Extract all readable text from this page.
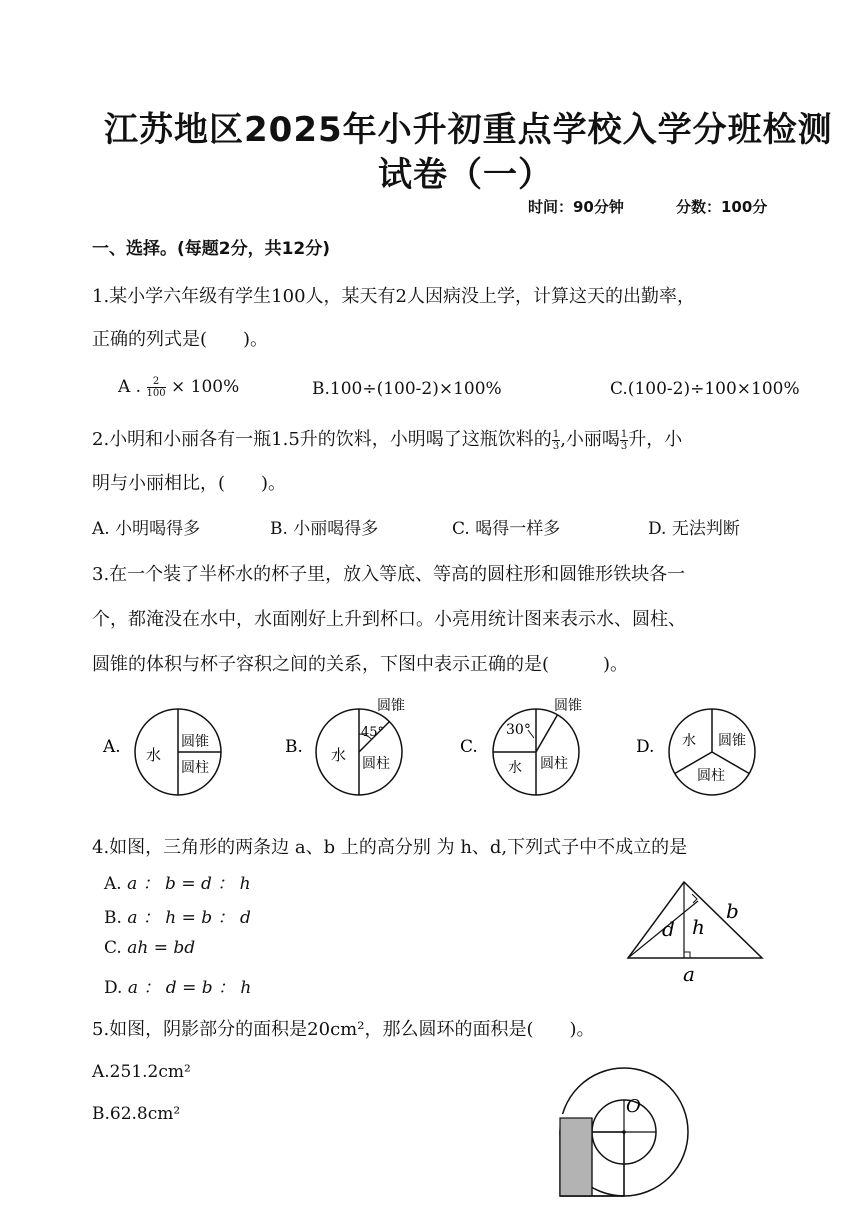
江苏地区2025年小升初重点学校入学分班检测
试卷（一）
时间：90分钟	分数：100分
一、选择。(每题2分，共12分)
1.某小学六年级有学生100人，某天有2人因病没上学，计算这天的出勤率，
正确的列式是(　　)。
A . $\frac{2}{100} \times 100\%$	B.100÷(100-2)×100%	C.(100-2)÷100×100%
2.小明和小丽各有一瓶1.5升的饮料，小明喝了这瓶饮料的 $\frac{1}{3}$ ,小丽喝 $\frac{1}{3}$ 升，小
明与小丽相比，(　　)。
A. 小明喝得多	B. 小丽喝得多	C. 喝得一样多	D. 无法判断
3.在一个装了半杯水的杯子里，放入等底、等高的圆柱形和圆锥形铁块各一
个，都淹没在水中，水面刚好上升到杯口。小亮用统计图来表示水、圆柱、
圆锥的体积与杯子容积之间的关系，下图中表示正确的是(　　　)。
A. 水
圆锥
圆柱
B.
45°
圆锥
水 圆柱
C.
30°
圆锥
水 圆柱
D. 水 圆锥
圆柱
4.如图，三角形的两条边 a、b 上的高分别 为 h、d,下列式子中不成立的是
A. a ： b = d ： h
B. a ： h = b ： d
C. ah = bd
D. a ： d = b ： h
d h
b
a
5.如图，阴影部分的面积是20cm²，那么圆环的面积是(　　)。
A.251.2cm²
B.62.8cm²	O
